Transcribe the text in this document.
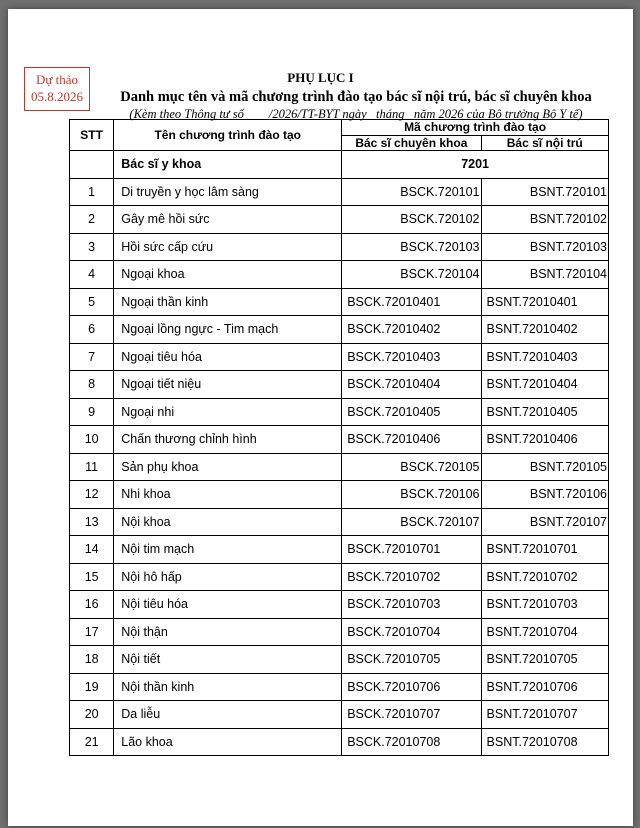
Dự thảo
05.8.2026
PHỤ LỤC I
Danh mục tên và mã chương trình đào tạo bác sĩ nội trú, bác sĩ chuyên khoa
(Kèm theo Thông tư số        /2026/TT-BYT ngày   tháng   năm 2026 của Bộ trưởng Bộ Y tế)
STT	Tên chương trình đào tạo	Mã chương trình đào tạo	
		Bác sĩ chuyên khoa	Bác sĩ nội trú
	Bác sĩ y khoa	7201	
1	Di truyền y học lâm sàng	BSCK.720101	BSNT.720101
2	Gây mê hồi sức	BSCK.720102	BSNT.720102
3	Hồi sức cấp cứu	BSCK.720103	BSNT.720103
4	Ngoại khoa	BSCK.720104	BSNT.720104
5	Ngoại thần kinh	BSCK.72010401	BSNT.72010401
6	Ngoại lồng ngực - Tim mạch	BSCK.72010402	BSNT.72010402
7	Ngoại tiêu hóa	BSCK.72010403	BSNT.72010403
8	Ngoại tiết niệu	BSCK.72010404	BSNT.72010404
9	Ngoại nhi	BSCK.72010405	BSNT.72010405
10	Chấn thương chỉnh hình	BSCK.72010406	BSNT.72010406
11	Sản phụ khoa	BSCK.720105	BSNT.720105
12	Nhi khoa	BSCK.720106	BSNT.720106
13	Nội khoa	BSCK.720107	BSNT.720107
14	Nội tim mạch	BSCK.72010701	BSNT.72010701
15	Nội hô hấp	BSCK.72010702	BSNT.72010702
16	Nội tiêu hóa	BSCK.72010703	BSNT.72010703
17	Nội thận	BSCK.72010704	BSNT.72010704
18	Nội tiết	BSCK.72010705	BSNT.72010705
19	Nội thần kinh	BSCK.72010706	BSNT.72010706
20	Da liễu	BSCK.72010707	BSNT.72010707
21	Lão khoa	BSCK.72010708	BSNT.72010708
